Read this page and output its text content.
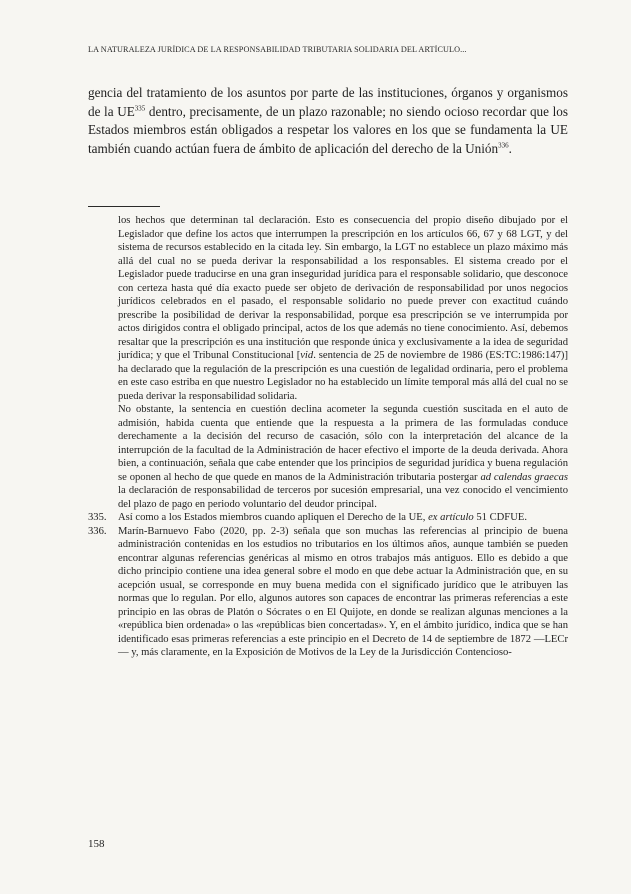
LA NATURALEZA JURÍDICA DE LA RESPONSABILIDAD TRIBUTARIA SOLIDARIA DEL ARTÍCULO...

gencia del tratamiento de los asuntos por parte de las instituciones, órganos y organismos de la UE$^{335}$ dentro, precisamente, de un plazo razonable; no siendo ocioso recordar que los Estados miembros están obligados a respetar los valores en los que se fundamenta la UE también cuando actúan fuera de ámbito de aplicación del derecho de la Unión$^{336}$.

los hechos que determinan tal declaración. Esto es consecuencia del propio diseño dibujado por el Legislador que define los actos que interrumpen la prescripción en los artículos 66, 67 y 68 LGT, y del sistema de recursos establecido en la citada ley. Sin embargo, la LGT no establece un plazo máximo más allá del cual no se pueda derivar la responsabilidad a los responsables. El sistema creado por el Legislador puede traducirse en una gran inseguridad jurídica para el responsable solidario, que desconoce con certeza hasta qué día exacto puede ser objeto de derivación de responsabilidad por unos negocios jurídicos celebrados en el pasado, el responsable solidario no puede prever con exactitud cuándo prescribe la posibilidad de derivar la responsabilidad, porque esa prescripción se ve interrumpida por actos dirigidos contra el obligado principal, actos de los que además no tiene conocimiento. Así, debemos resaltar que la prescripción es una institución que responde única y exclusivamente a la idea de seguridad jurídica; y que el Tribunal Constitucional [vid. sentencia de 25 de noviembre de 1986 (ES:TC:1986:147)] ha declarado que la regulación de la prescripción es una cuestión de legalidad ordinaria, pero el problema en este caso estriba en que nuestro Legislador no ha establecido un límite temporal más allá del cual no se pueda derivar la responsabilidad solidaria.

No obstante, la sentencia en cuestión declina acometer la segunda cuestión suscitada en el auto de admisión, habida cuenta que entiende que la respuesta a la primera de las formuladas conduce derechamente a la decisión del recurso de casación, sólo con la interpretación del alcance de la interrupción de la facultad de la Administración de hacer efectivo el importe de la deuda derivada. Ahora bien, a continuación, señala que cabe entender que los principios de seguridad jurídica y buena regulación se oponen al hecho de que quede en manos de la Administración tributaria postergar ad calendas graecas la declaración de responsabilidad de terceros por sucesión empresarial, una vez conocido el vencimiento del plazo de pago en periodo voluntario del deudor principal.

335.	Así como a los Estados miembros cuando apliquen el Derecho de la UE, ex artículo 51 CDFUE.
336.	Marín-Barnuevo Fabo (2020, pp. 2-3) señala que son muchas las referencias al principio de buena administración contenidas en los estudios no tributarios en los últimos años, aunque también se pueden encontrar algunas referencias genéricas al mismo en otros trabajos más antiguos. Ello es debido a que dicho principio contiene una idea general sobre el modo en que debe actuar la Administración que, en su acepción usual, se corresponde en muy buena medida con el significado jurídico que le atribuyen las normas que lo regulan. Por ello, algunos autores son capaces de encontrar las primeras referencias a este principio en las obras de Platón o Sócrates o en El Quijote, en donde se realizan algunas menciones a la «república bien ordenada» o las «repúblicas bien concertadas». Y, en el ámbito jurídico, indica que se han identificado esas primeras referencias a este principio en el Decreto de 14 de septiembre de 1872 —LECr— y, más claramente, en la Exposición de Motivos de la Ley de la Jurisdicción Contencioso-
158
